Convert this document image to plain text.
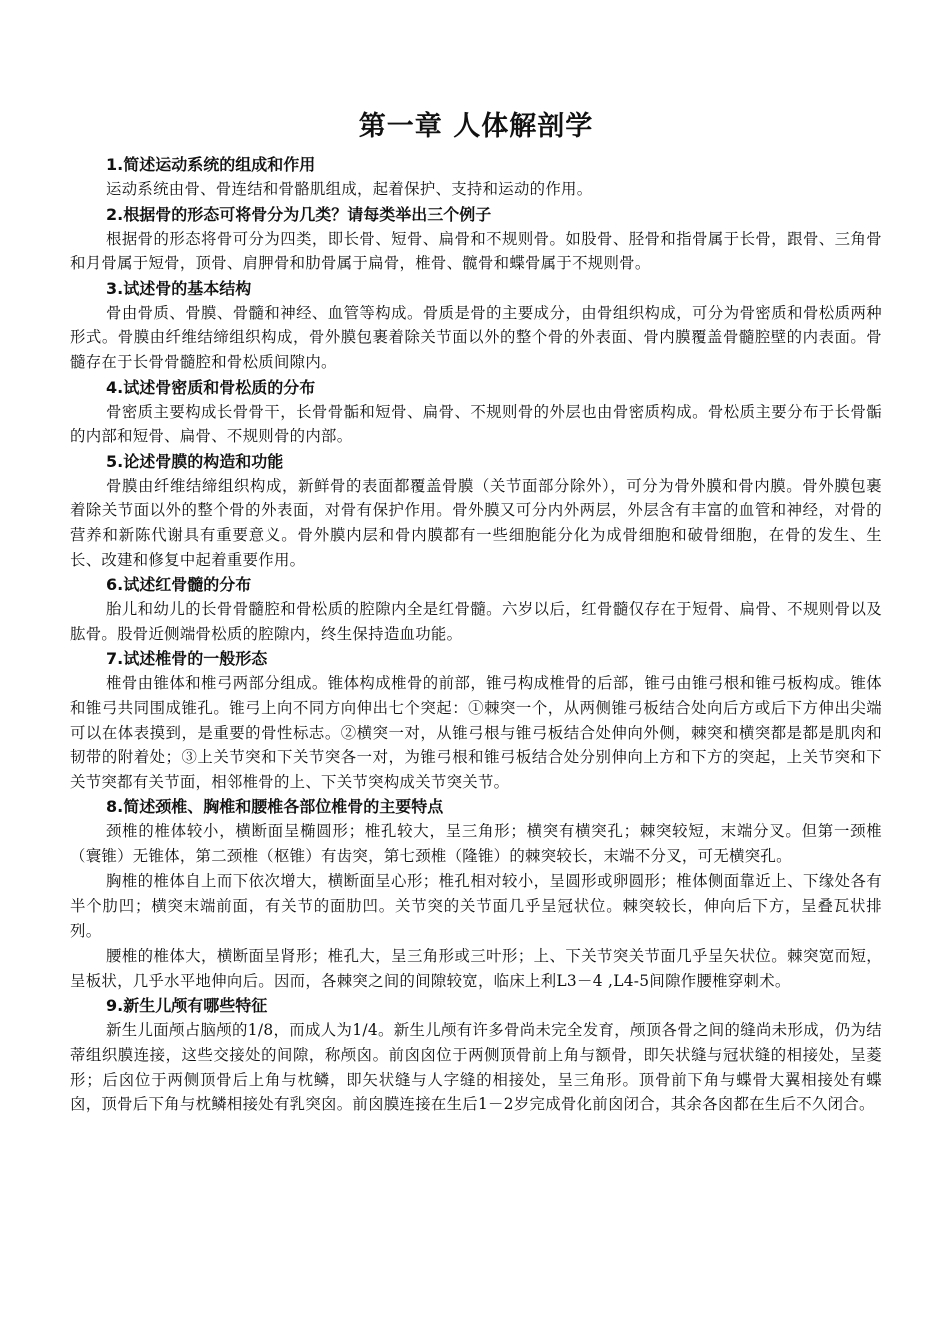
第一章 人体解剖学

1.简述运动系统的组成和作用

运动系统由骨、骨连结和骨骼肌组成，起着保护、支持和运动的作用。

2.根据骨的形态可将骨分为几类？请每类举出三个例子

根据骨的形态将骨可分为四类，即长骨、短骨、扁骨和不规则骨。如股骨、胫骨和指骨属于长骨，跟骨、三角骨和月骨属于短骨，顶骨、肩胛骨和肋骨属于扁骨，椎骨、髋骨和蝶骨属于不规则骨。

3.试述骨的基本结构

骨由骨质、骨膜、骨髓和神经、血管等构成。骨质是骨的主要成分，由骨组织构成，可分为骨密质和骨松质两种形式。骨膜由纤维结缔组织构成，骨外膜包裹着除关节面以外的整个骨的外表面、骨内膜覆盖骨髓腔壁的内表面。骨髓存在于长骨骨髓腔和骨松质间隙内。

4.试述骨密质和骨松质的分布

骨密质主要构成长骨骨干，长骨骨骺和短骨、扁骨、不规则骨的外层也由骨密质构成。骨松质主要分布于长骨骺的内部和短骨、扁骨、不规则骨的内部。

5.论述骨膜的构造和功能

骨膜由纤维结缔组织构成，新鲜骨的表面都覆盖骨膜（关节面部分除外），可分为骨外膜和骨内膜。骨外膜包裹着除关节面以外的整个骨的外表面，对骨有保护作用。骨外膜又可分内外两层，外层含有丰富的血管和神经，对骨的营养和新陈代谢具有重要意义。骨外膜内层和骨内膜都有一些细胞能分化为成骨细胞和破骨细胞，在骨的发生、生长、改建和修复中起着重要作用。

6.试述红骨髓的分布

胎儿和幼儿的长骨骨髓腔和骨松质的腔隙内全是红骨髓。六岁以后，红骨髓仅存在于短骨、扁骨、不规则骨以及肱骨。股骨近侧端骨松质的腔隙内，终生保持造血功能。

7.试述椎骨的一般形态

椎骨由锥体和椎弓两部分组成。锥体构成椎骨的前部，锥弓构成椎骨的后部，锥弓由锥弓根和锥弓板构成。锥体和锥弓共同围成锥孔。锥弓上向不同方向伸出七个突起：①棘突一个，从两侧锥弓板结合处向后方或后下方伸出尖端可以在体表摸到，是重要的骨性标志。②横突一对，从锥弓根与锥弓板结合处伸向外侧，棘突和横突都是都是肌肉和韧带的附着处；③上关节突和下关节突各一对，为锥弓根和锥弓板结合处分别伸向上方和下方的突起，上关节突和下关节突都有关节面，相邻椎骨的上、下关节突构成关节突关节。

8.简述颈椎、胸椎和腰椎各部位椎骨的主要特点

颈椎的椎体较小，横断面呈椭圆形；椎孔较大，呈三角形；横突有横突孔；棘突较短，末端分叉。但第一颈椎（寰锥）无锥体，第二颈椎（枢锥）有齿突，第七颈椎（隆锥）的棘突较长，末端不分叉，可无横突孔。

胸椎的椎体自上而下依次增大，横断面呈心形；椎孔相对较小，呈圆形或卵圆形；椎体侧面靠近上、下缘处各有半个肋凹；横突末端前面，有关节的面肋凹。关节突的关节面几乎呈冠状位。棘突较长，伸向后下方，呈叠瓦状排列。

腰椎的椎体大，横断面呈肾形；椎孔大，呈三角形或三叶形；上、下关节突关节面几乎呈矢状位。棘突宽而短，呈板状，几乎水平地伸向后。因而，各棘突之间的间隙较宽，临床上利L3－4 ,L4-5间隙作腰椎穿刺术。

9.新生儿颅有哪些特征

新生儿面颅占脑颅的1/8，而成人为1/4。新生儿颅有许多骨尚未完全发育，颅顶各骨之间的缝尚未形成，仍为结蒂组织膜连接，这些交接处的间隙，称颅囟。前囟囟位于两侧顶骨前上角与额骨，即矢状缝与冠状缝的相接处，呈菱形；后囟位于两侧顶骨后上角与枕鳞，即矢状缝与人字缝的相接处，呈三角形。顶骨前下角与蝶骨大翼相接处有蝶囟，顶骨后下角与枕鳞相接处有乳突囟。前囟膜连接在生后1－2岁完成骨化前囟闭合，其余各囟都在生后不久闭合。
